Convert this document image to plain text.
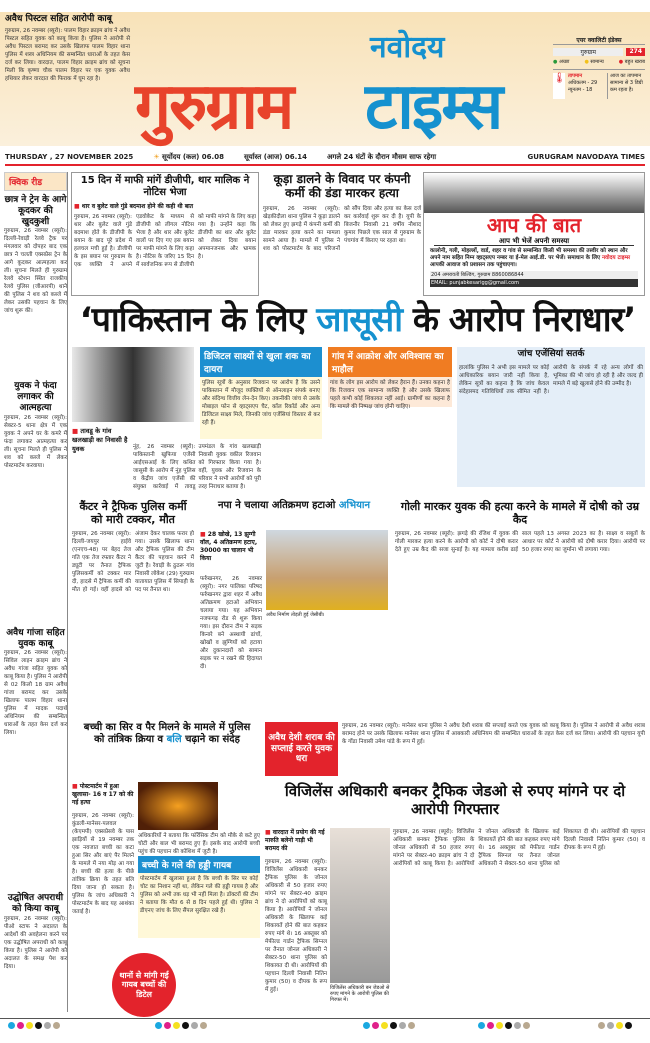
अवैध पिस्टल सहित आरोपी काबू
गुरुग्राम, 26 नवम्बर (ब्यूरो): पालम विहार क्राइम ब्रांच ने अवैध पिस्टल सहित युवक को काबू किया है। पुलिस ने आरोपी से अवैध पिस्टल बरामद कर उसके खिलाफ पालम विहार थाना पुलिस में शस्त्र अधिनियम की सम्बन्धित धाराओं के तहत केस दर्ज कर लिया। वारदात, पालम विहार क्राइम ब्रांच को सूचना मिली कि कृष्णा चौक पालम विहार पर एक युवक अवैध हथियार लेकर वारदात की फिराक में घूम रहा है।
नवोदय
गुरुग्राम टाइम्स
एयर क्वालिटी इंडेक्स
गुरुग्राम	274
● अच्छा	● सामान्य	● बहुत खराब
🌡 तापमान
अधिकतम - 29
न्यूनतम - 18
आज का तापमान सामान्य से 3 डिग्री कम रहता है।
THURSDAY , 27 NOVEMBER 2025	☀ सूर्योदय (कल) 06.08	सूर्यास्त (आज) 06.14	अगले 24 घंटों के दौरान मौसम साफ रहेगा	GURUGRAM NAVODAYA TIMES
क्विक रीड
छात्र ने ट्रेन के आगे कूदकर की खुदकुशी
गुरुग्राम, 26 नवम्बर (ब्यूरो): दिल्ली-रेवाड़ी रेलवे ट्रैक पर मंगलवार को दोपहर बाद एक छात्र ने चलती एक्सप्रेस ट्रेन के आगे कूदकर आत्महत्या कर ली। सूचना मिलते ही गुरुग्राम रेलवे स्टेशन स्थित राजकीय रेलवे पुलिस (जीआरपी) थाने की पुलिस ने शव को कब्जे में लेकर उसकी पहचान के लिए जांच शुरू की।
युवक ने फंदा लगाकर की आत्महत्या
गुरुग्राम, 26 नवम्बर (ब्यूरो): सेक्टर-5 थाना क्षेत्र में एक युवक ने अपने घर के कमरे में फंदा लगाकर आत्महत्या कर ली। सूचना मिलते ही पुलिस ने शव को कब्जे में लेकर पोस्टमार्टम करवाया।
अवैध गांजा सहित युवक काबू
गुरुग्राम, 26 नवम्बर (ब्यूरो): सिविल लाइन क्राइम ब्रांच ने अवैध गांजा सहित युवक को काबू किया है। पुलिस ने आरोपी से 02 किलो 18 ग्राम अवैध गांजा बरामद कर उसके खिलाफ पालम विहार थाना पुलिस में मादक पदार्थ अधिनियम की सम्बन्धित धाराओं के तहत केस दर्ज कर लिया।
उद्घोषित अपराधी को किया काबू
गुरुग्राम, 26 नवम्बर (ब्यूरो): पीओ स्टाफ ने अदालत के आदेशों की अवहेलना करने पर एक उद्घोषित अपराधी को काबू किया है। पुलिस ने आरोपी को अदालत के समक्ष पेश कर दिया।
15 दिन में माफी मांगें डीजीपी, थार मालिक ने नोटिस भेजा
■ थार व बुलेट वाले गुंडे बदमाश होने की कही थी बात
गुरुग्राम, 26 नवम्बर (ब्यूरो): थार और बुलेट वाले गुंडे बदमाश होते के डीजीपी के बयान के बाद पूरे प्रदेश में हलचल मची हुई है। डीजीपी के इस बयान पर गुरुग्राम के एक व्यक्ति ने अपने एडवोकेट के माध्यम से डीजीपी को लीगल नोटिस भेजा है और थार और बुलेट वालों पर दिए गए इस बयान पर माफी मांगने के लिए कहा है। नोटिस के जरिए 15 दिन में सार्वजनिक रूप से डीजीपी को माफी मांगने के लिए कहा गया है। उन्होंने कहा कि डीजीपी का थार और बुलेट को लेकर दिया बयान अपमानजनक और भ्रामक है।
कूड़ा डालने के विवाद पर कंपनी कर्मी की डंडा मारकर हत्या
गुरुग्राम, 26 नवम्बर (ब्यूरो): खेड़कीदौला थाना पुलिस ने कूड़ा डालने को लेकर हुए झगड़े में कंपनी कर्मी की डंडा मारकर हत्या करने का मामला सामने आया है। मामले में पुलिस ने शव को पोस्टमार्टम के बाद परिजनों को सौंप दिया और हत्या का केस दर्ज कर कार्रवाई शुरू कर दी है। यूपी के बिजनौर निवासी 21 वर्षीय नौशाद कुमार पिछले एक साल से गुरुग्राम के पंचगांव में किराए पर रहता था।
आप की बात
आप भी भेजें अपनी समस्या
कालोनी, गली, मोहल्लों, वार्ड, शहर व गांव से सम्बन्धित किसी भी समस्या की तस्वीर को स्थान और अपने नाम सहित निम्न व्हाट्सएप नम्बर या ई-मेल आई.डी. पर भेजें। समाधान के लिए नवोदय टाइम्स आपकी आवाज को प्रशासन तक पहुंचाएगा।
204 अमरावती बिल्डिंग, गुरुग्राम 8860086844
EMAIL: punjabkesarigg@gmail.com
‘पाकिस्तान के लिए जासूसी के आरोप निराधार’
■ तावडू के गांव खलखाड़ी का निवासी है युवक	नूंह, 26 नवम्बर (ब्यूरो): पाकिस्तानी खुफिया एजेंसी आईएसआई के लिए कथित जासूसी के आरोप में नूंह पुलिस व केंद्रीय जांच एजेंसी की संयुक्त कार्रवाई में तावडू उपमंडल के गांव खलखाड़ी निवासी युवक वकील रिजवान को गिरफ्तार किया गया है। वहीं, युवक और रिजवान के परिवार ने सभी आरोपों को पूरी तरह निराधार बताया है।
डिजिटल साक्ष्यों से खुला शक का दायरा
पुलिस सूत्रों के अनुसार रिजवान पर आरोप है कि उसने पाकिस्तान में मौजूद व्यक्तियों से ऑनलाइन संपर्क बनाए और संदिग्ध वित्तीय लेन-देन किए। तकनीकी जांच से उसके मोबाइल फोन से व्हाट्सएप चैट, कॉल रिकॉर्ड और अन्य डिजिटल साक्ष्य मिले, जिनकी जांच एजेंसियां विस्तार से कर रही हैं।
गांव में आक्रोश और अविश्वास का माहौल
गांव के लोग इस आरोप को लेकर हैरान हैं। उनका कहना है कि रिजवान एक सामान्य व्यक्ति है और उसके खिलाफ पहले कभी कोई शिकायत नहीं आई। ग्रामीणों का कहना है कि मामले की निष्पक्ष जांच होनी चाहिए।
जांच एजेंसियां सतर्क
हालांकि पुलिस ने अभी इस मामले पर कोई आधिकारिक बयान जारी नहीं किया है, लेकिन सूत्रों का कहना है कि जांच केवल संदेहास्पद गतिविधियों तक सीमित नहीं है। आरोपी के संपर्क में रहे अन्य लोगों की भूमिका की भी जांच हो रही है और जल्द ही मामले में बड़े खुलासे होने की उम्मीद है।
कैंटर ने ट्रैफिक पुलिस कर्मी को मारी टक्कर, मौत
गुरुग्राम, 26 नवम्बर (ब्यूरो): दिल्ली-जयपुर हाईवे (एनएच-48) पर बेहद तेज गति एक तेज रफ्तार कैंटर ने ड्यूटी पर तैनात ट्रैफिक पुलिसकर्मी को टक्कर मार दी, हादसे में ट्रैफिक कर्मी की मौत हो गई। वहीं हादसे को अंजाम देकर चालक फरार हो गया। उसके खिलाफ थाना और ट्रैफिक पुलिस की टीम कैंटर की पहचान करने में जुटी है। रेवाड़ी के ठुठरू गांव निवासी लोकेश (29) गुरुग्राम यातायात पुलिस में सिपाही के पद पर तैनात था।
नपा ने चलाया अतिक्रमण हटाओ अभियान
■ 28 खोखे, 13 झुग्गी वॉल, 4 अतिक्रमण हटाए, 30000 का चालान भी किया
फर्रुखनगर, 26 नवम्बर (ब्यूरो): नगर पालिका परिषद फर्रुखनगर द्वारा शहर में अवैध अतिक्रमण हटाओ अभियान चलाया गया। यह अभियान नजफगढ़ रोड से शुरू किया गया। इस दौरान टीम ने सड़क किनारे बने अस्थायी ढांचों, खोखों व झुग्गियों को हटाया और दुकानदारों को सामान सड़क पर न रखने की हिदायत दी।
अवैध निर्माण तोड़ती हुई जेसीबी।
गोली मारकर युवक की हत्या करने के मामले में दोषी को उम्र कैद
गुरुग्राम, 26 नवम्बर (ब्यूरो): झगड़े की रंजिश में युवक की गोली मारकर हत्या करने के आरोपी को कोर्ट ने दोषी करार देते हुए उम्र कैद की सजा सुनाई है। यह मामला करीब ढाई साल पहले 13 अगस्त 2023 का है। साक्ष्य व सबूतों के आधार पर कोर्ट ने आरोपी को दोषी करार दिया। आरोपी पर 50 हजार रुपए का जुर्माना भी लगाया गया।
बच्ची का सिर व पैर मिलने के मामले में पुलिस
को तांत्रिक क्रिया व बलि चढ़ाने का संदेह
■ पोस्टमार्टम में हुआ खुलासा- 16 व 17 को की गई हत्या
गुरुग्राम, 26 नवम्बर (ब्यूरो): कुंडली-मानेसर-पलवल (केएमपी) एक्सप्रेसवे के पास झाड़ियों से 19 नवम्बर तक एक नवजात बच्ची का कटा हुआ सिर और बाएं पैर मिलने के मामले में नया मोड़ आ गया है। बच्ची की हत्या के पीछे तांत्रिक क्रिया के तहत बलि दिया जाना हो सकता है। पुलिस के जांच अधिकारी ने पोस्टमार्टम के बाद यह आशंका जताई है।
अधिकारियों ने बताया कि फॉरेंसिक टीम को मौके से कटे हुए चोटी और बाल भी बरामद हुए हैं। इसके बाद आरोपी बच्ची पहुंच की पहचान की कोशिश में जुटी है।
बच्ची के गले की हड्डी गायब
पोस्टमार्टम में खुलासा हुआ है कि बच्ची के सिर पर कोई चोट का निशान नहीं था, लेकिन गले की हड्डी गायब है और पुलिस को अभी तक धड़ भी नहीं मिला है। डॉक्टरों की टीम ने बताया कि मौत 6 से 8 दिन पहले हुई थी। पुलिस ने डीएनए जांच के लिए सैंपल सुरक्षित रखे हैं।
थानों से मांगी गई गायब बच्चों की डिटेल
अवैध देशी शराब की सप्लाई करते युवक धरा
गुरुग्राम, 26 नवम्बर (ब्यूरो): मानेसर थाना पुलिस ने अवैध देशी शराब की सप्लाई करते एक युवक को काबू किया है। पुलिस ने आरोपी से अवैध शराब बरामद होने पर उसके खिलाफ मानेसर थाना पुलिस में आबकारी अधिनियम की सम्बन्धित धाराओं के तहत केस दर्ज कर लिया। आरोपी की पहचान यूपी के गोंडा निवासी उमेश पांडे के रूप में हुई।
विजिलेंस अधिकारी बनकर ट्रैफिक जेडओ से रुपए मांगने पर दो आरोपी गिरफ्तार
■ वारदात में प्रयोग की गई मारुति बलेनो गाड़ी भी बरामद की
गुरुग्राम, 26 नवम्बर (ब्यूरो): विजिलेंस अधिकारी बनकर ट्रैफिक पुलिस के जोनल अधिकारी से 50 हजार रुपए मांगने पर सेक्टर-40 क्राइम ब्रांच ने दो आरोपियों को काबू किया है। आरोपियों ने जोनल अधिकारी के खिलाफ कई शिकायतें होने की बात कहकर रुपए मांगे थे। 16 अक्तूबर को मेफील्ड गार्डन ट्रैफिक सिग्नल पर तैनात जोनल अधिकारी ने सेक्टर-50 थाना पुलिस को शिकायत दी थी। आरोपियों की पहचान दिल्ली निवासी नितिन कुमार (50) व दीपक के रूप में हुई।	विजिलेंस अधिकारी बन जेडओ से रुपए मांगने के आरोपी पुलिस की गिरफ्त में।
गुरुग्राम, 26 नवम्बर (ब्यूरो): विजिलेंस अधिकारी बनकर ट्रैफिक पुलिस के जोनल अधिकारी से 50 हजार रुपए मांगने पर सेक्टर-40 क्राइम ब्रांच ने दो आरोपियों को काबू किया है। आरोपियों ने जोनल अधिकारी के खिलाफ कई शिकायतें होने की बात कहकर रुपए मांगे थे। 16 अक्तूबर को मेफील्ड गार्डन ट्रैफिक सिग्नल पर तैनात जोनल अधिकारी ने सेक्टर-50 थाना पुलिस को शिकायत दी थी। आरोपियों की पहचान दिल्ली निवासी नितिन कुमार (50) व दीपक के रूप में हुई।
